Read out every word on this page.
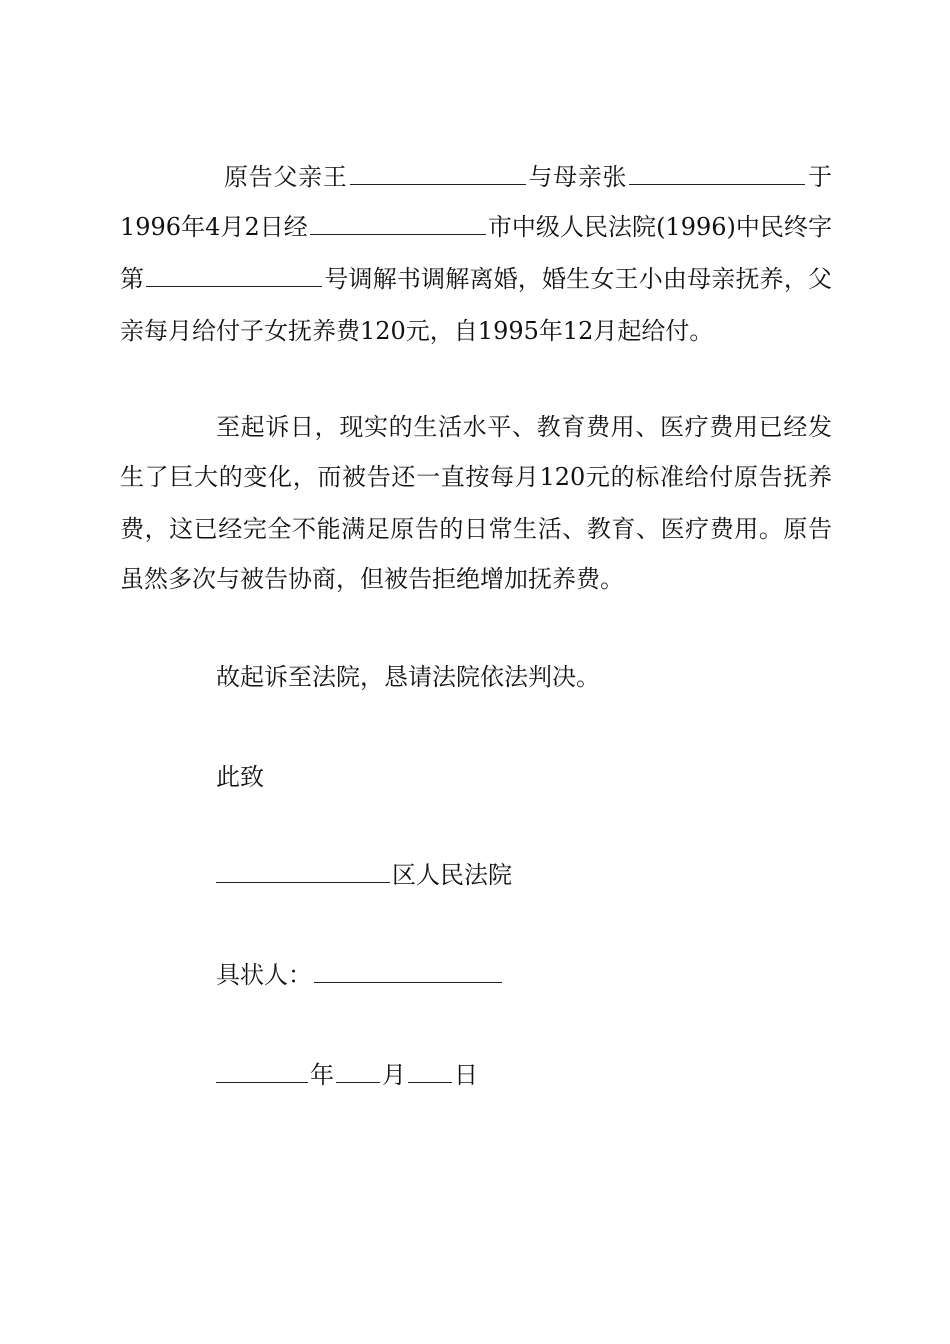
原告父亲王	与母亲张	于
1996年4月2日经	市中级人民法院(1996)中民终字
第	号调解书调解离婚，婚生女王小由母亲抚养，父
亲每月给付子女抚养费120元，自1995年12月起给付。
至起诉日，现实的生活水平、教育费用、医疗费用已经发
生了巨大的变化，而被告还一直按每月120元的标准给付原告抚养
费，这已经完全不能满足原告的日常生活、教育、医疗费用。原告
虽然多次与被告协商，但被告拒绝增加抚养费。
故起诉至法院，恳请法院依法判决。
此致
区人民法院
具状人：
年 月 日
